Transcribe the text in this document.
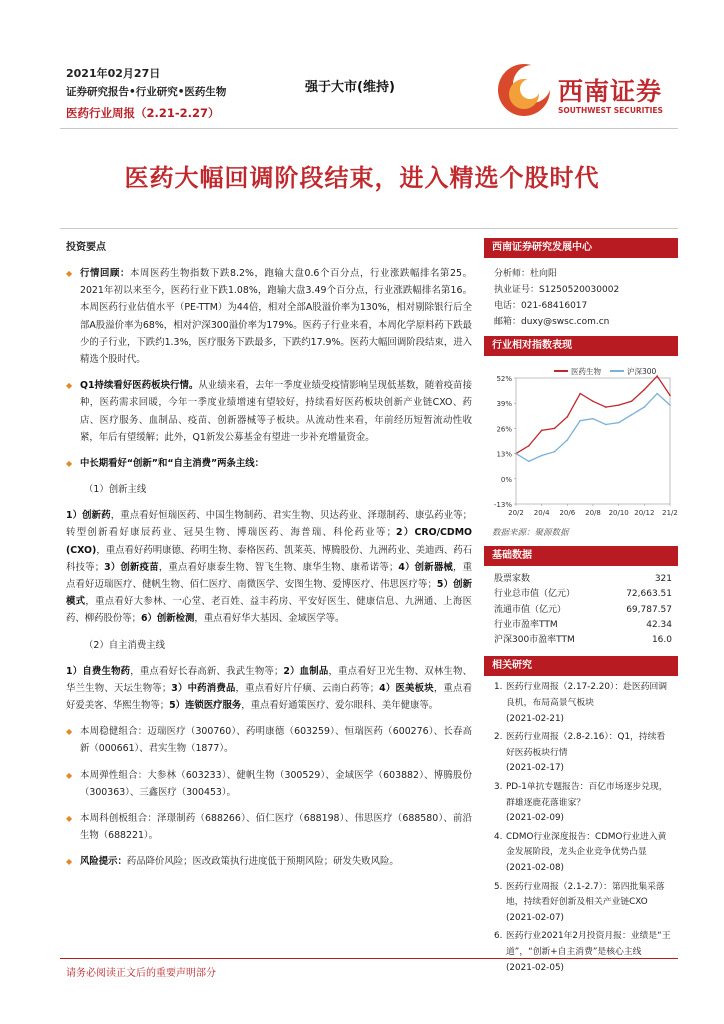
2021年02月27日
证券研究报告•行业研究•医药生物
医药行业周报（2.21-2.27）
强于大市(维持)	西南证券
SOUTHWEST SECURITIES
医药大幅回调阶段结束，进入精选个股时代
投资要点
◆ 行情回顾：本周医药生物指数下跌8.2%，跑输大盘0.6个百分点，行业涨跌幅排名第25。2021年初以来至今，医药行业下跌1.08%，跑输大盘3.49个百分点，行业涨跌幅排名第16。本周医药行业估值水平（PE-TTM）为44倍，相对全部A股溢价率为130%，相对剔除银行后全部A股溢价率为68%，相对沪深300溢价率为179%。医药子行业来看，本周化学原料药下跌最少的子行业，下跌约1.3%，医疗服务下跌最多，下跌约17.9%。医药大幅回调阶段结束，进入精选个股时代。
◆ Q1持续看好医药板块行情。从业绩来看，去年一季度业绩受疫情影响呈现低基数，随着疫苗接种，医药需求回暖，今年一季度业绩增速有望较好，持续看好医药板块创新产业链CXO、药店、医疗服务、血制品、疫苗、创新器械等子板块。从流动性来看，年前经历短暂流动性收紧，年后有望缓解；此外，Q1新发公募基金有望进一步补充增量资金。
◆ 中长期看好“创新”和“自主消费”两条主线：
（1）创新主线
1）创新药，重点看好恒瑞医药、中国生物制药、君实生物、贝达药业、泽璟制药、康弘药业等；转型创新看好康辰药业、冠昊生物、博瑞医药、海普瑞、科伦药业等；2）CRO/CDMO (CXO)，重点看好药明康德、药明生物、泰格医药、凯莱英、博腾股份、九洲药业、美迪西、药石科技等；3）创新疫苗，重点看好康泰生物、智飞生物、康华生物、康希诺等；4）创新器械，重点看好迈瑞医疗、健帆生物、佰仁医疗、南微医学、安图生物、爱博医疗、伟思医疗等；5）创新模式，重点看好大参林、一心堂、老百姓、益丰药房、平安好医生、健康信息、九洲通、上海医药、柳药股份等；6）创新检测，重点看好华大基因、金域医学等。
（2）自主消费主线
1）自费生物药，重点看好长春高新、我武生物等；2）血制品，重点看好卫光生物、双林生物、华兰生物、天坛生物等；3）中药消费品，重点看好片仔癀、云南白药等；4）医美板块，重点看好爱美客、华熙生物等；5）连锁医疗服务，重点看好通策医疗、爱尔眼科、美年健康等。
◆ 本周稳健组合：迈瑞医疗（300760）、药明康德（603259）、恒瑞医药（600276）、长春高新（000661）、君实生物（1877）。
◆ 本周弹性组合：大参林（603233）、健帆生物（300529）、金域医学（603882）、博腾股份（300363）、三鑫医疗（300453）。
◆ 本周科创板组合：泽璟制药（688266）、佰仁医疗（688198）、伟思医疗（688580）、前沿生物（688221）。
◆ 风险提示：药品降价风险；医改政策执行进度低于预期风险；研发失败风险。
西南证券研究发展中心
分析师：杜向阳
执业证号：S1250520030002
电话：021-68416017
邮箱：duxy@swsc.com.cn
行业相对指数表现
52%
39%
26%
13%
0%
-13%
20/2 20/4 20/6 20/8 20/10 20/12 21/2
医药生物	沪深300
数据来源：聚源数据
基础数据
股票家数	321
行业总市值（亿元）	72,663.51
流通市值（亿元）	69,787.57
行业市盈率TTM	42.34
沪深300市盈率TTM	16.0
相关研究
1. 医药行业周报（2.17-2.20）：赴医药回调良机，布局高景气板块
(2021-02-21)
2. 医药行业周报（2.8-2.16）：Q1，持续看好医药板块行情
(2021-02-17)
3. PD-1单抗专题报告：百亿市场逐步兑现，群雄逐鹿花落谁家？
(2021-02-09)
4. CDMO行业深度报告：CDMO行业进入黄金发展阶段，龙头企业竞争优势凸显
(2021-02-08)
5. 医药行业周报（2.1-2.7）：第四批集采落地，持续看好创新及相关产业链CXO
(2021-02-07)
6. 医药行业2021年2月投资月报：业绩是“王道”，“创新+自主消费”是核心主线
(2021-02-05)
请务必阅读正文后的重要声明部分
